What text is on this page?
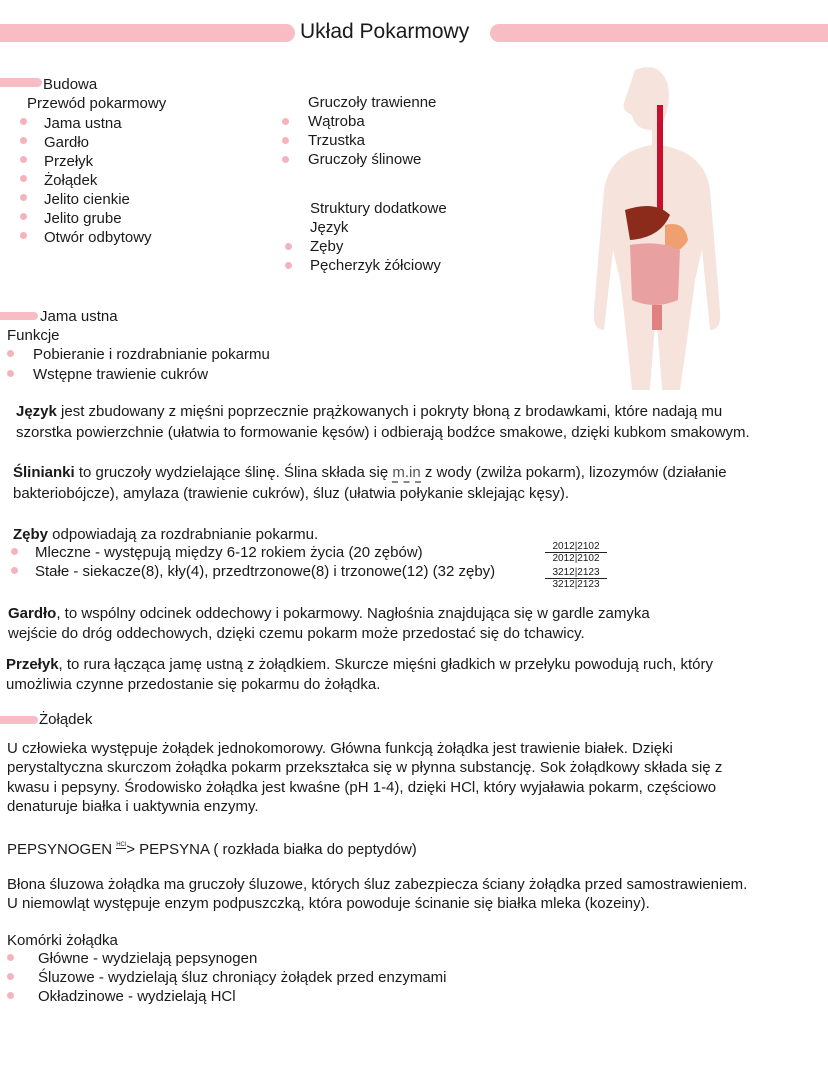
Układ Pokarmowy
Budowa
Przewód pokarmowy
Jama ustna
Gardło
Przełyk
Żołądek
Jelito cienkie
Jelito grube
Otwór odbytowy
Gruczoły trawienne
Wątroba
Trzustka
Gruczoły ślinowe
Struktury dodatkowe
Język
Zęby
Pęcherzyk żółciowy
Jama ustna
Funkcje
Pobieranie i rozdrabnianie pokarmu
Wstępne trawienie cukrów
Język jest zbudowany z mięśni poprzecznie prążkowanych i pokryty błoną z brodawkami, które nadają mu
szorstka powierzchnie (ułatwia to formowanie kęsów) i odbierają bodźce smakowe, dzięki kubkom smakowym.
Ślinianki to gruczoły wydzielające ślinę. Ślina składa się m.in z wody (zwilża pokarm), lizozymów (działanie
bakteriobójcze), amylaza (trawienie cukrów), śluz (ułatwia połykanie sklejając kęsy).
Zęby odpowiadają za rozdrabnianie pokarmu.
Mleczne - występują między 6-12 rokiem życia (20 zębów)
Stałe - siekacze(8), kły(4), przedtrzonowe(8) i trzonowe(12) (32 zęby)
$\frac{2012|2102}{2012|2102}$
$\frac{3212|2123}{3212|2123}$
Gardło, to wspólny odcinek oddechowy i pokarmowy. Nagłośnia znajdująca się w gardle zamyka
wejście do dróg oddechowych, dzięki czemu pokarm może przedostać się do tchawicy.
Przełyk, to rura łącząca jamę ustną z żołądkiem. Skurcze mięśni gładkich w przełyku powodują ruch, który
umożliwia czynne przedostanie się pokarmu do żołądka.
Żołądek
U człowieka występuje żołądek jednokomorowy. Główna funkcją żołądka jest trawienie białek. Dzięki
perystaltyczna skurczom żołądka pokarm przekształca się w płynna substancję. Sok żołądkowy składa się z
kwasu i pepsyny. Środowisko żołądka jest kwaśne (pH 1-4), dzięki HCl, który wyjaławia pokarm, częściowo
denaturuje białka i uaktywnia enzymy.
PEPSYNOGEN $^{HCl}$> PEPSYNA ( rozkłada białka do peptydów)
Błona śluzowa żołądka ma gruczoły śluzowe, których śluz zabezpiecza ściany żołądka przed samostrawieniem.
U niemowląt występuje enzym podpuszczką, która powoduje ścinanie się białka mleka (kozeiny).
Komórki żołądka
Główne - wydzielają pepsynogen
Śluzowe - wydzielają śluz chroniący żołądek przed enzymami
Okładzinowe - wydzielają HCl
